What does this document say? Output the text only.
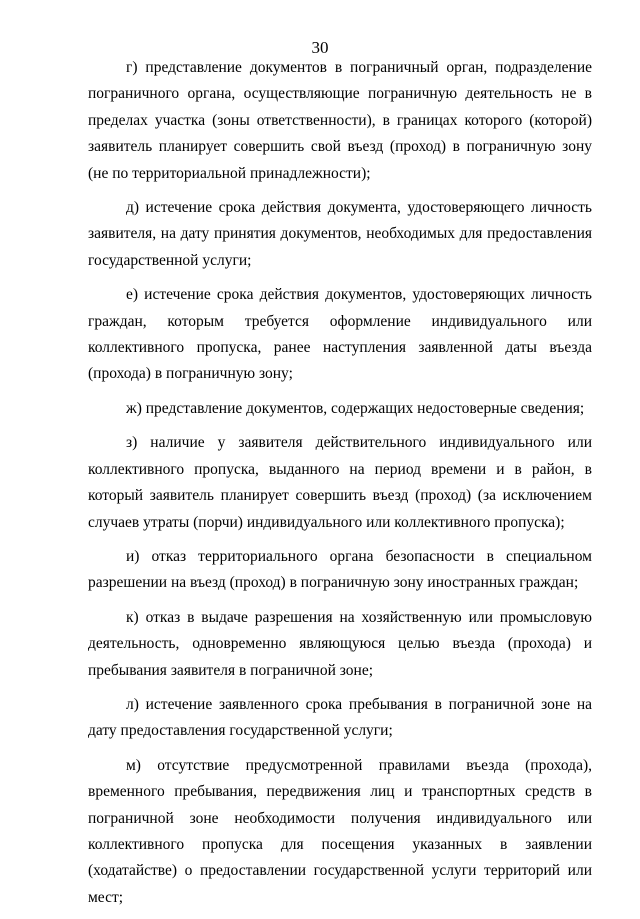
30

г) представление документов в пограничный орган, подразделение пограничного органа, осуществляющие пограничную деятельность не в пределах участка (зоны ответственности), в границах которого (которой) заявитель планирует совершить свой въезд (проход) в пограничную зону (не по территориальной принадлежности);

д) истечение срока действия документа, удостоверяющего личность заявителя, на дату принятия документов, необходимых для предоставления государственной услуги;

е) истечение срока действия документов, удостоверяющих личность граждан, которым требуется оформление индивидуального или коллективного пропуска, ранее наступления заявленной даты въезда (прохода) в пограничную зону;

ж) представление документов, содержащих недостоверные сведения;

з) наличие у заявителя действительного индивидуального или коллективного пропуска, выданного на период времени и в район, в который заявитель планирует совершить въезд (проход) (за исключением случаев утраты (порчи) индивидуального или коллективного пропуска);

и) отказ территориального органа безопасности в специальном разрешении на въезд (проход) в пограничную зону иностранных граждан;

к) отказ в выдаче разрешения на хозяйственную или промысловую деятельность, одновременно являющуюся целью въезда (прохода) и пребывания заявителя в пограничной зоне;

л) истечение заявленного срока пребывания в пограничной зоне на дату предоставления государственной услуги;

м) отсутствие предусмотренной правилами въезда (прохода), временного пребывания, передвижения лиц и транспортных средств в пограничной зоне необходимости получения индивидуального или коллективного пропуска для посещения указанных в заявлении (ходатайстве) о предоставлении государственной услуги территорий или мест;
